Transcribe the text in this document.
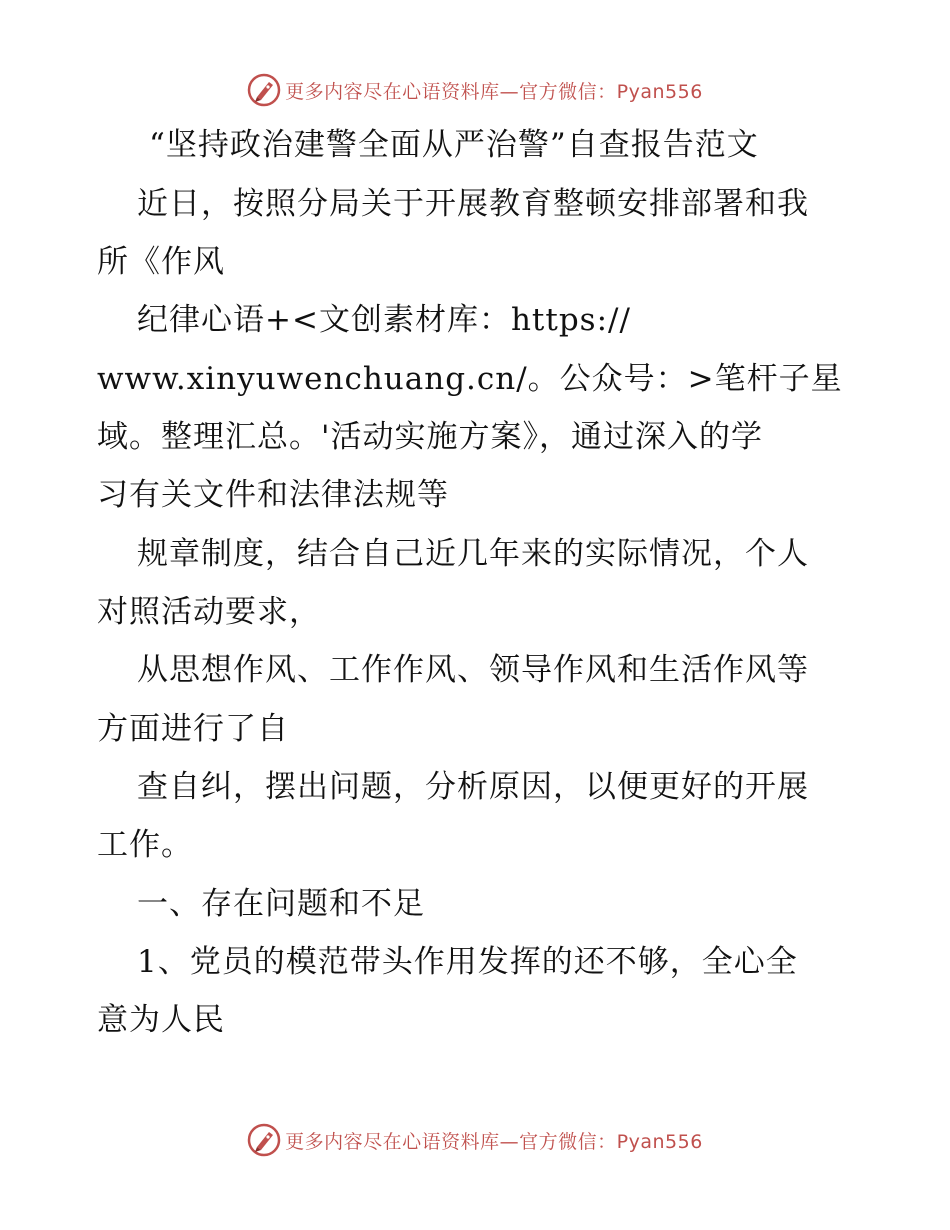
更多内容尽在心语资料库—官方微信：Pyan556
“坚持政治建警全面从严治警”自查报告范文
近日，按照分局关于开展教育整顿安排部署和我
所《作风
纪律心语+<文创素材库：https://
www.xinyuwenchuang.cn/。公众号：>笔杆子星
域。整理汇总。'活动实施方案》，通过深入的学
习有关文件和法律法规等
规章制度，结合自己近几年来的实际情况，个人
对照活动要求，
从思想作风、工作作风、领导作风和生活作风等
方面进行了自
查自纠，摆出问题，分析原因，以便更好的开展
工作。
一、存在问题和不足
1、党员的模范带头作用发挥的还不够，全心全
意为人民
更多内容尽在心语资料库—官方微信：Pyan556
